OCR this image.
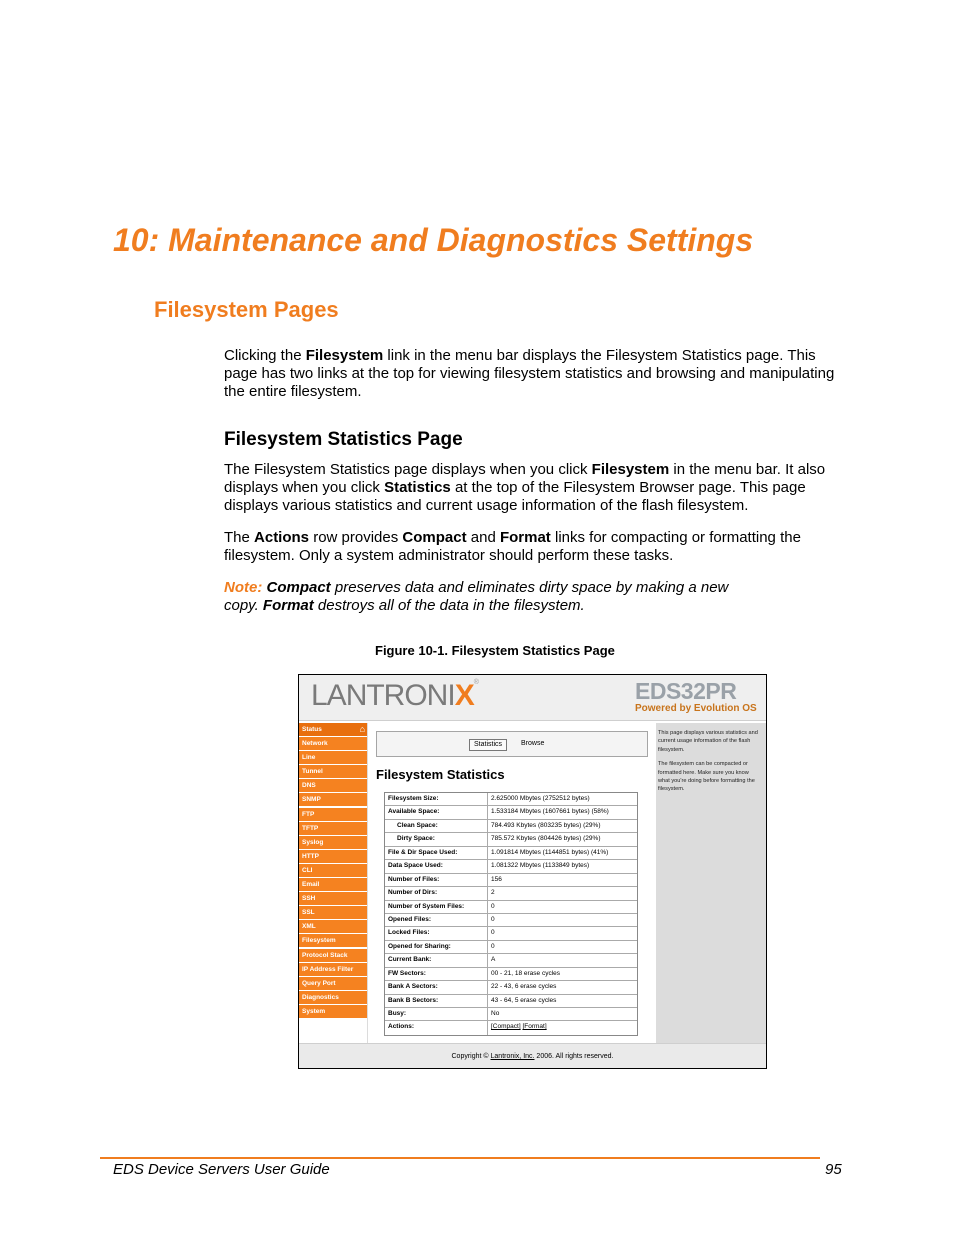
10: Maintenance and Diagnostics Settings
Filesystem Pages

Clicking the Filesystem link in the menu bar displays the Filesystem Statistics page. This page has two links at the top for viewing filesystem statistics and browsing and manipulating the entire filesystem.

Filesystem Statistics Page

The Filesystem Statistics page displays when you click Filesystem in the menu bar. It also displays when you click Statistics at the top of the Filesystem Browser page. This page displays various statistics and current usage information of the flash filesystem.

The Actions row provides Compact and Format links for compacting or formatting the filesystem. Only a system administrator should perform these tasks.

Note: Compact preserves data and eliminates dirty space by making a new copy. Format destroys all of the data in the filesystem.

Figure 10-1. Filesystem Statistics Page

LANTRONIX®	EDS32PR
Powered by Evolution OS
Status	⌂
Network
Line
Tunnel
DNS
SNMP
FTP
TFTP
Syslog
HTTP
CLI
Email
SSH
SSL
XML
Filesystem
Protocol Stack
IP Address Filter
Query Port
Diagnostics
System
Statistics	Browse
Filesystem Statistics
Filesystem Size:	2.625000 Mbytes (2752512 bytes)
Available Space:	1.533184 Mbytes (1607661 bytes) (58%)
Clean Space:	784.493 Kbytes (803235 bytes) (29%)
Dirty Space:	785.572 Kbytes (804426 bytes) (29%)
File & Dir Space Used:	1.091814 Mbytes (1144851 bytes) (41%)
Data Space Used:	1.081322 Mbytes (1133849 bytes)
Number of Files:	156
Number of Dirs:	2
Number of System Files:	0
Opened Files:	0
Locked Files:	0
Opened for Sharing:	0
Current Bank:	A
FW Sectors:	00 - 21, 18 erase cycles
Bank A Sectors:	22 - 43, 6 erase cycles
Bank B Sectors:	43 - 64, 5 erase cycles
Busy:	No
Actions:	[Compact] [Format]

This page displays various statistics and current usage information of the flash filesystem.

The filesystem can be compacted or formatted here. Make sure you know what you're doing before formatting the filesystem.

Copyright © Lantronix, Inc. 2006. All rights reserved.
EDS Device Servers User Guide	95
